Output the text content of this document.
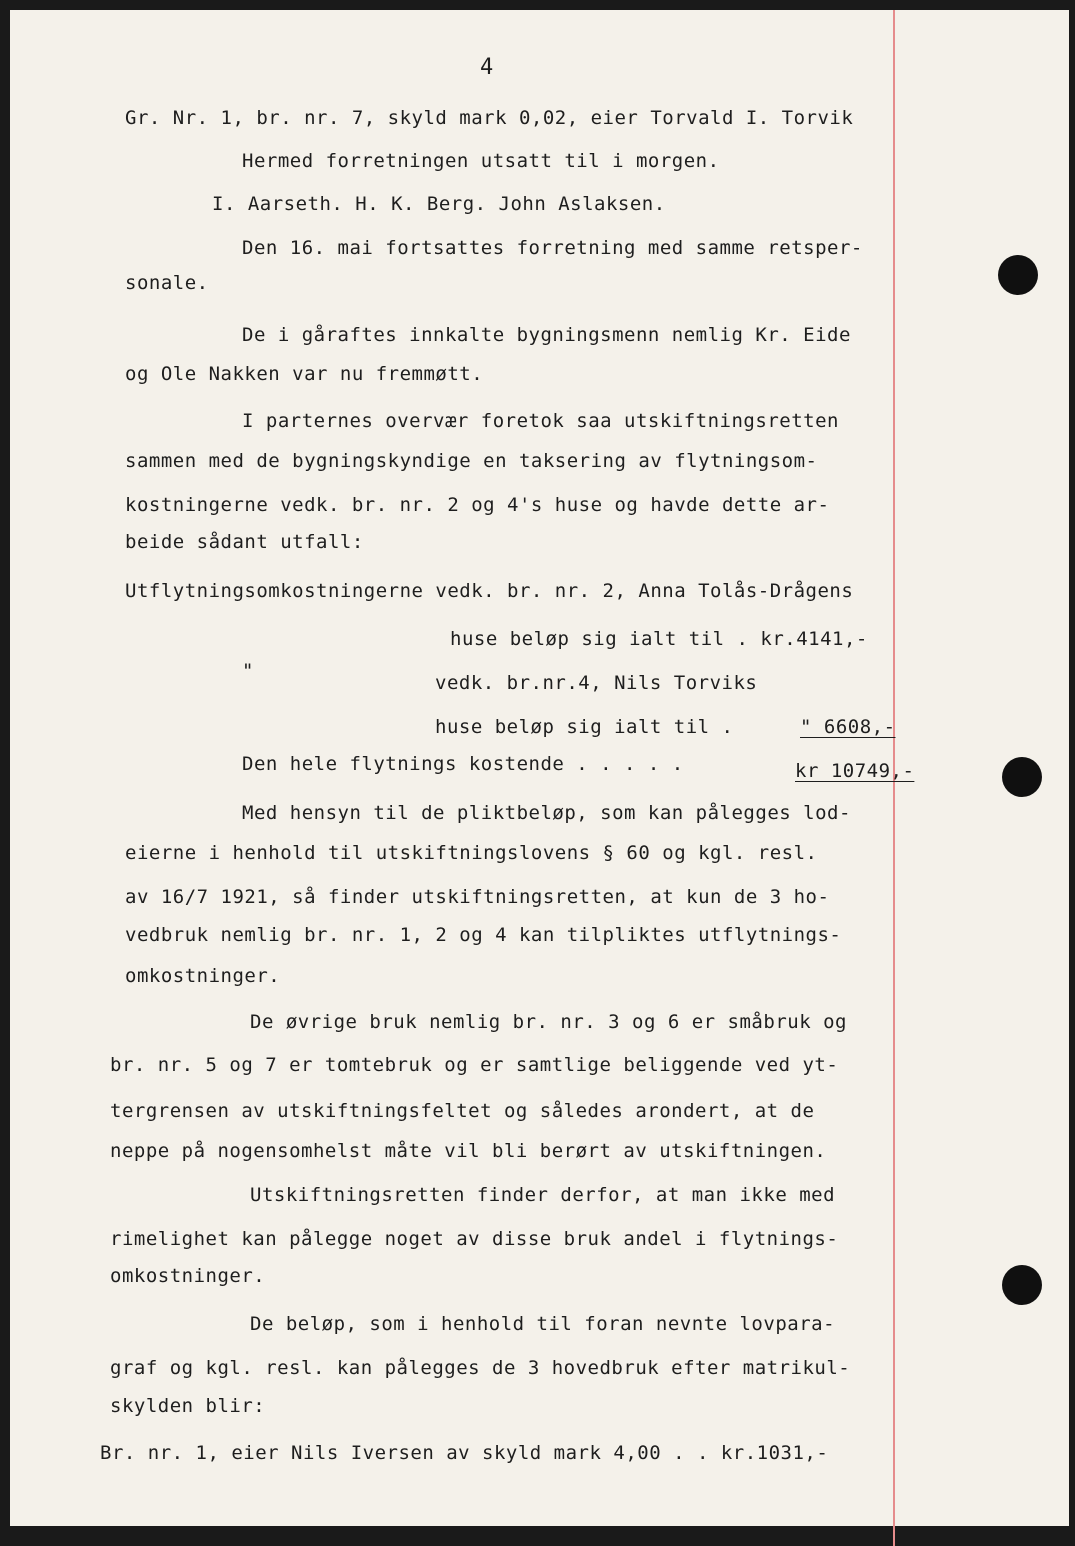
4
Gr. Nr. 1, br. nr. 7, skyld mark 0,02, eier Torvald I. Torvik
Hermed forretningen utsatt til i morgen.
I. Aarseth. H. K. Berg. John Aslaksen.
Den 16. mai fortsattes forretning med samme retsper-
sonale.
De i gåraftes innkalte bygningsmenn nemlig Kr. Eide
og Ole Nakken var nu fremmøtt.
I parternes overvær foretok saa utskiftningsretten
sammen med de bygningskyndige en taksering av flytningsom-
kostningerne vedk. br. nr. 2 og 4's huse og havde dette ar-
beide sådant utfall:
Utflytningsomkostningerne vedk. br. nr. 2, Anna Tolås-Drågens
huse beløp sig ialt til . kr.4141,-
"
vedk. br.nr.4, Nils Torviks
huse beløp sig ialt til .	" 6608,-
Den hele flytnings kostende . . . . .	kr 10749,-
Med hensyn til de pliktbeløp, som kan pålegges lod-
eierne i henhold til utskiftningslovens § 60 og kgl. resl.
av 16/7 1921, så finder utskiftningsretten, at kun de 3 ho-
vedbruk nemlig br. nr. 1, 2 og 4 kan tilpliktes utflytnings-
omkostninger.
De øvrige bruk nemlig br. nr. 3 og 6 er småbruk og
br. nr. 5 og 7 er tomtebruk og er samtlige beliggende ved yt-
tergrensen av utskiftningsfeltet og således arondert, at de
neppe på nogensomhelst måte vil bli berørt av utskiftningen.
Utskiftningsretten finder derfor, at man ikke med
rimelighet kan pålegge noget av disse bruk andel i flytnings-
omkostninger.
De beløp, som i henhold til foran nevnte lovpara-
graf og kgl. resl. kan pålegges de 3 hovedbruk efter matrikul-
skylden blir:
Br. nr. 1, eier Nils Iversen av skyld mark 4,00 . . kr.1031,-
